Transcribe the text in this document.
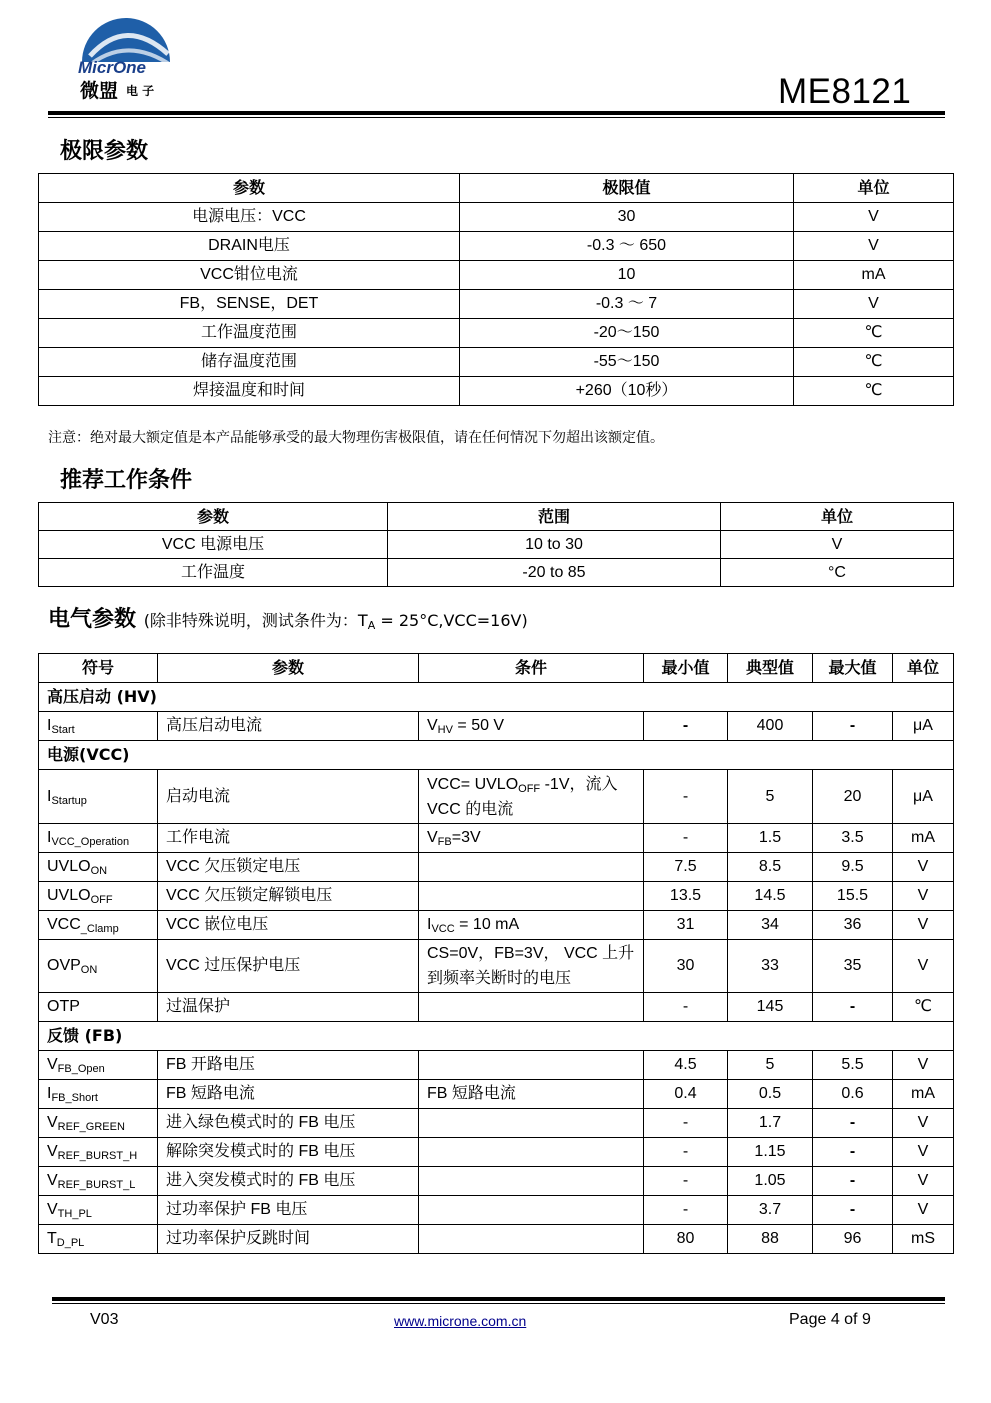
MicrOne
微盟 电 子	ME8121
极限参数
参数	极限值	单位
电源电压：VCC	30	V
DRAIN电压	-0.3 ～ 650	V
VCC钳位电流	10	mA
FB，SENSE，DET	-0.3 ～ 7	V
工作温度范围	-20～150	℃
储存温度范围	-55～150	℃
焊接温度和时间	+260（10秒）	℃
注意：绝对最大额定值是本产品能够承受的最大物理伤害极限值，请在任何情况下勿超出该额定值。
推荐工作条件
参数	范围	单位
VCC 电源电压	10 to 30	V
工作温度	-20 to 85	°C
电气参数 (除非特殊说明，测试条件为：$T_A = 25^\circ C,VCC=16V$)
符号	参数	条件	最小值	典型值	最大值	单位
高压启动 (HV)						
$I_{Start}$	高压启动电流	$V_{HV} = 50$ V	-	400	-	μA
电源(VCC)						
$I_{Startup}$	启动电流	$VCC= UVLO_{OFF}$ -1V，流入VCC 的电流	-	5	20	μA
$I_{VCC\_Operation}$	工作电流	$V_{FB}=3V$	-	1.5	3.5	mA
$UVLO_{ON}$	VCC 欠压锁定电压		7.5	8.5	9.5	V
$UVLO_{OFF}$	VCC 欠压锁定解锁电压		13.5	14.5	15.5	V
$VCC_{\_Clamp}$	VCC 嵌位电压	$I_{VCC} = 10$ mA	31	34	36	V
$OVP_{ON}$	VCC 过压保护电压	CS=0V，FB=3V， VCC 上升到频率关断时的电压	30	33	35	V
OTP	过温保护		-	145	-	℃
反馈 (FB)						
$V_{FB\_Open}$	FB 开路电压		4.5	5	5.5	V
$I_{FB\_Short}$	FB 短路电流	FB 短路电流	0.4	0.5	0.6	mA
$V_{REF\_GREEN}$	进入绿色模式时的 FB 电压		-	1.7	-	V
$V_{REF\_BURST\_H}$	解除突发模式时的 FB 电压		-	1.15	-	V
$V_{REF\_BURST\_L}$	进入突发模式时的 FB 电压		-	1.05	-	V
$V_{TH\_PL}$	过功率保护 FB 电压		-	3.7	-	V
$T_{D\_PL}$	过功率保护反跳时间		80	88	96	mS
V03	www.microne.com.cn	Page 4 of 9
